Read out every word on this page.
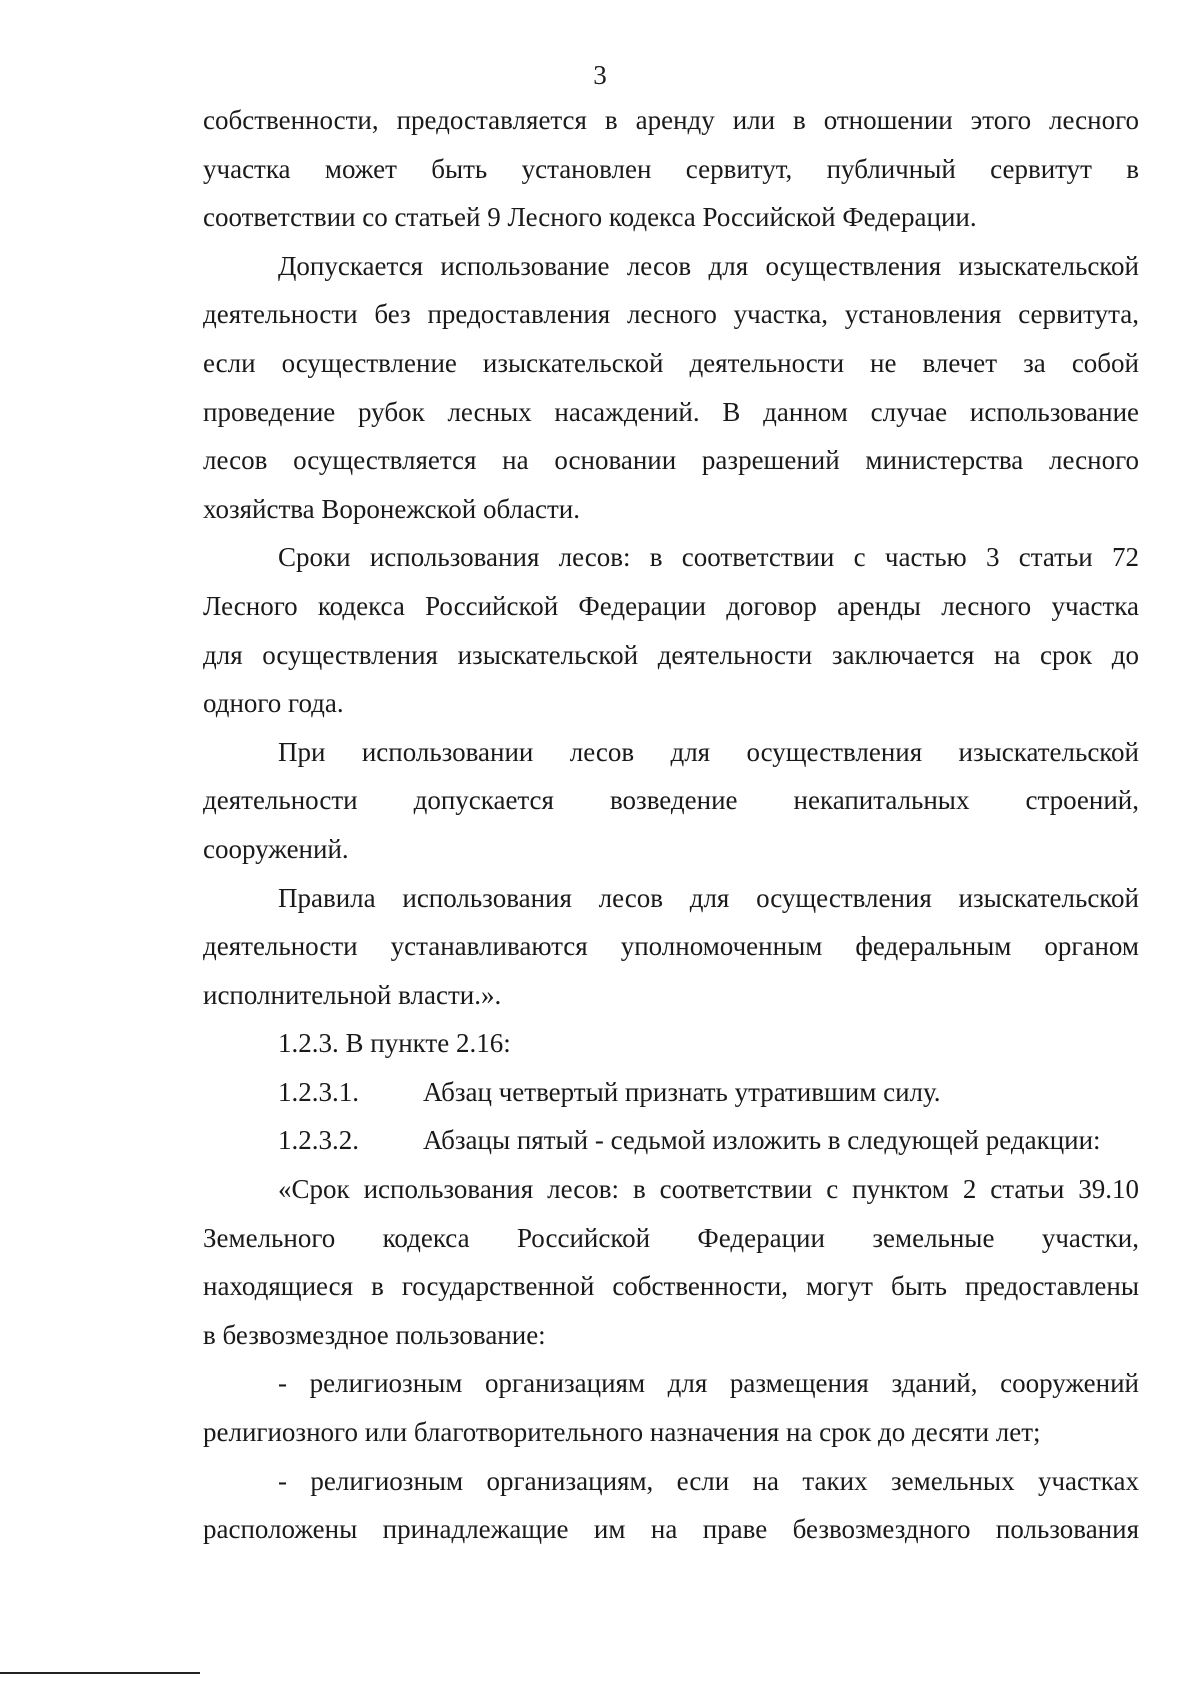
3
собственности, предоставляется в аренду или в отношении этого лесного
участка может быть установлен сервитут, публичный сервитут в
соответствии со статьей 9 Лесного кодекса Российской Федерации.
Допускается использование лесов для осуществления изыскательской
деятельности без предоставления лесного участка, установления сервитута,
если осуществление изыскательской деятельности не влечет за собой
проведение рубок лесных насаждений. В данном случае использование
лесов осуществляется на основании разрешений министерства лесного
хозяйства Воронежской области.
Сроки использования лесов: в соответствии с частью 3 статьи 72
Лесного кодекса Российской Федерации договор аренды лесного участка
для осуществления изыскательской деятельности заключается на срок до
одного года.
При использовании лесов для осуществления изыскательской
деятельности допускается возведение некапитальных строений,
сооружений.
Правила использования лесов для осуществления изыскательской
деятельности устанавливаются уполномоченным федеральным органом
исполнительной власти.».
1.2.3. В пункте 2.16:
1.2.3.1. Абзац четвертый признать утратившим силу.
1.2.3.2. Абзацы пятый - седьмой изложить в следующей редакции:
«Срок использования лесов: в соответствии с пунктом 2 статьи 39.10
Земельного кодекса Российской Федерации земельные участки,
находящиеся в государственной собственности, могут быть предоставлены
в безвозмездное пользование:
- религиозным организациям для размещения зданий, сооружений
религиозного или благотворительного назначения на срок до десяти лет;
- религиозным организациям, если на таких земельных участках
расположены принадлежащие им на праве безвозмездного пользования
